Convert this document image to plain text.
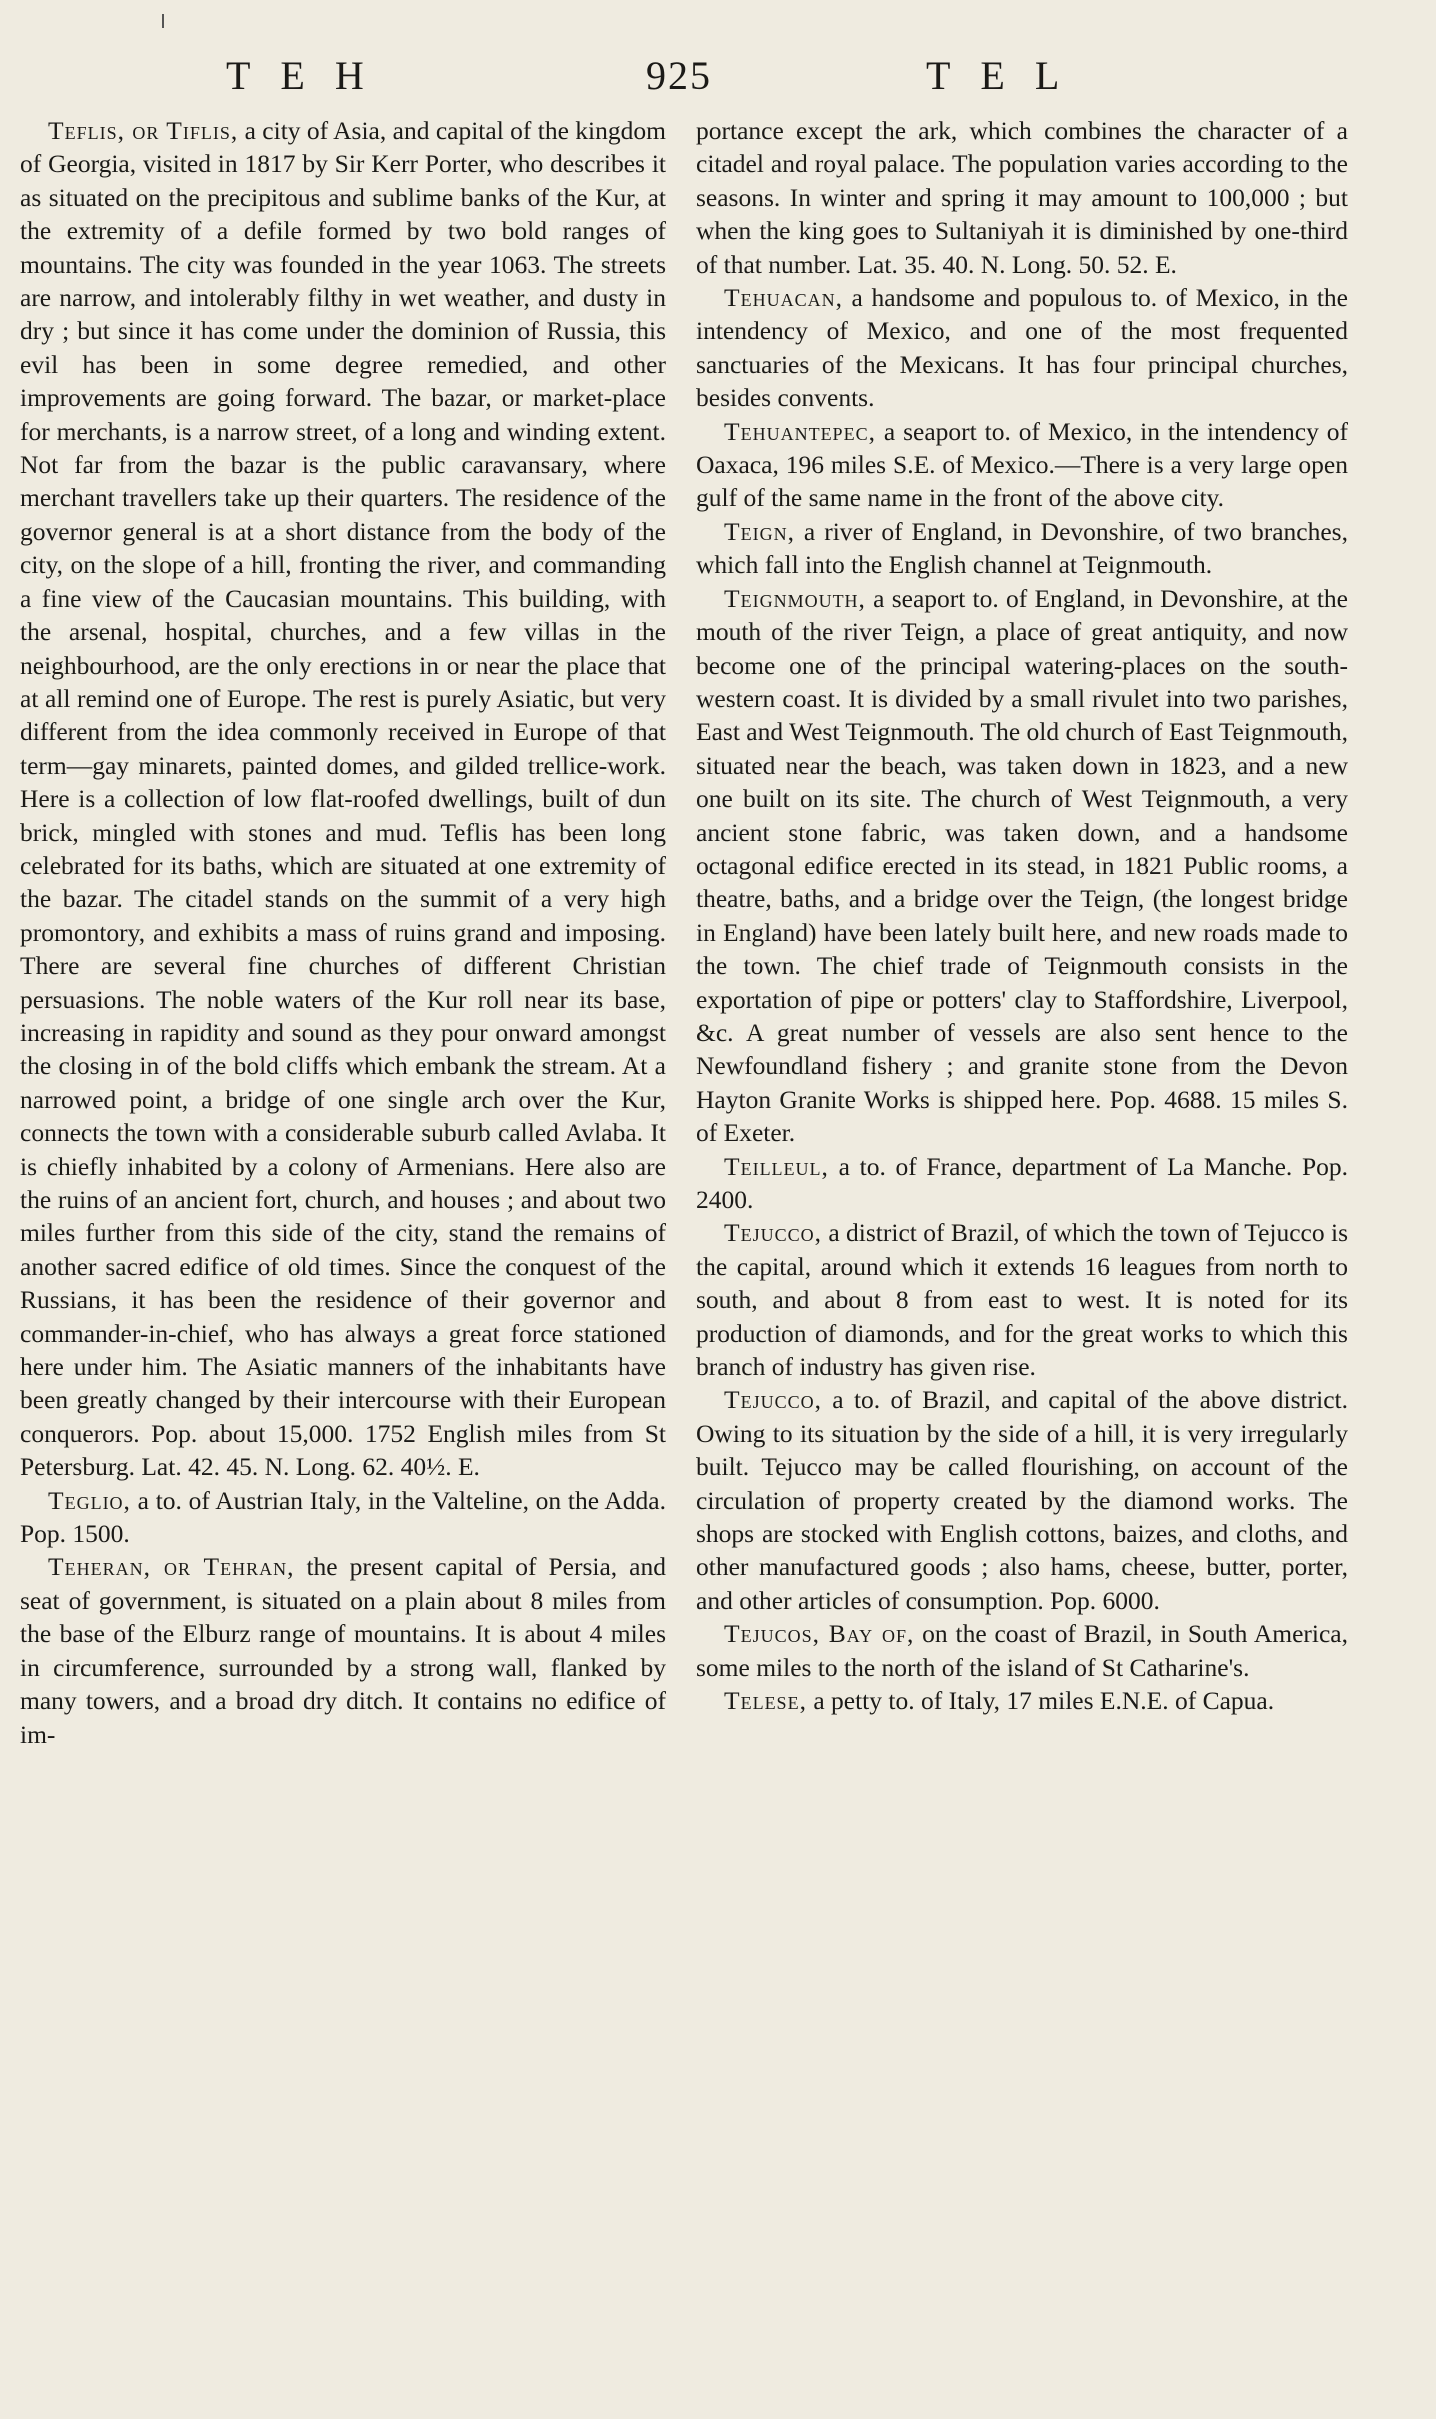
TEH	925	TEL

Teflis, or Tiflis, a city of Asia, and capital of the kingdom of Georgia, visited in 1817 by Sir Kerr Porter, who describes it as situated on the precipitous and sublime banks of the Kur, at the extremity of a defile formed by two bold ranges of mountains. The city was founded in the year 1063. The streets are narrow, and intolerably filthy in wet weather, and dusty in dry ; but since it has come under the dominion of Russia, this evil has been in some degree remedied, and other improvements are going forward. The bazar, or market-place for merchants, is a narrow street, of a long and winding extent. Not far from the bazar is the public caravansary, where merchant travellers take up their quarters. The residence of the governor general is at a short distance from the body of the city, on the slope of a hill, fronting the river, and commanding a fine view of the Caucasian mountains. This building, with the arsenal, hospital, churches, and a few villas in the neighbourhood, are the only erections in or near the place that at all remind one of Europe. The rest is purely Asiatic, but very different from the idea commonly received in Europe of that term—gay minarets, painted domes, and gilded trellice-work. Here is a collection of low flat-roofed dwellings, built of dun brick, mingled with stones and mud. Teflis has been long celebrated for its baths, which are situated at one extremity of the bazar. The citadel stands on the summit of a very high promontory, and exhibits a mass of ruins grand and imposing. There are several fine churches of different Christian persuasions. The noble waters of the Kur roll near its base, increasing in rapidity and sound as they pour onward amongst the closing in of the bold cliffs which embank the stream. At a narrowed point, a bridge of one single arch over the Kur, connects the town with a considerable suburb called Avlaba. It is chiefly inhabited by a colony of Armenians. Here also are the ruins of an ancient fort, church, and houses ; and about two miles further from this side of the city, stand the remains of another sacred edifice of old times. Since the conquest of the Russians, it has been the residence of their governor and commander-in-chief, who has always a great force stationed here under him. The Asiatic manners of the inhabitants have been greatly changed by their intercourse with their European conquerors. Pop. about 15,000. 1752 English miles from St Petersburg. Lat. 42. 45. N. Long. 62. 40½. E.

Teglio, a to. of Austrian Italy, in the Valteline, on the Adda. Pop. 1500.

Teheran, or Tehran, the present capital of Persia, and seat of government, is situated on a plain about 8 miles from the base of the Elburz range of mountains. It is about 4 miles in circumference, surrounded by a strong wall, flanked by many towers, and a broad dry ditch. It contains no edifice of im-

portance except the ark, which combines the character of a citadel and royal palace. The population varies according to the seasons. In winter and spring it may amount to 100,000 ; but when the king goes to Sultaniyah it is diminished by one-third of that number. Lat. 35. 40. N. Long. 50. 52. E.

Tehuacan, a handsome and populous to. of Mexico, in the intendency of Mexico, and one of the most frequented sanctuaries of the Mexicans. It has four principal churches, besides convents.

Tehuantepec, a seaport to. of Mexico, in the intendency of Oaxaca, 196 miles S.E. of Mexico.—There is a very large open gulf of the same name in the front of the above city.

Teign, a river of England, in Devonshire, of two branches, which fall into the English channel at Teignmouth.

Teignmouth, a seaport to. of England, in Devonshire, at the mouth of the river Teign, a place of great antiquity, and now become one of the principal watering-places on the south-western coast. It is divided by a small rivulet into two parishes, East and West Teignmouth. The old church of East Teignmouth, situated near the beach, was taken down in 1823, and a new one built on its site. The church of West Teignmouth, a very ancient stone fabric, was taken down, and a handsome octagonal edifice erected in its stead, in 1821 Public rooms, a theatre, baths, and a bridge over the Teign, (the longest bridge in England) have been lately built here, and new roads made to the town. The chief trade of Teignmouth consists in the exportation of pipe or potters' clay to Staffordshire, Liverpool, &c. A great number of vessels are also sent hence to the Newfoundland fishery ; and granite stone from the Devon Hayton Granite Works is shipped here. Pop. 4688. 15 miles S. of Exeter.

Teilleul, a to. of France, department of La Manche. Pop. 2400.

Tejucco, a district of Brazil, of which the town of Tejucco is the capital, around which it extends 16 leagues from north to south, and about 8 from east to west. It is noted for its production of diamonds, and for the great works to which this branch of industry has given rise.

Tejucco, a to. of Brazil, and capital of the above district. Owing to its situation by the side of a hill, it is very irregularly built. Tejucco may be called flourishing, on account of the circulation of property created by the diamond works. The shops are stocked with English cottons, baizes, and cloths, and other manufactured goods ; also hams, cheese, butter, porter, and other articles of consumption. Pop. 6000.

Tejucos, Bay of, on the coast of Brazil, in South America, some miles to the north of the island of St Catharine's.

Telese, a petty to. of Italy, 17 miles E.N.E. of Capua.
